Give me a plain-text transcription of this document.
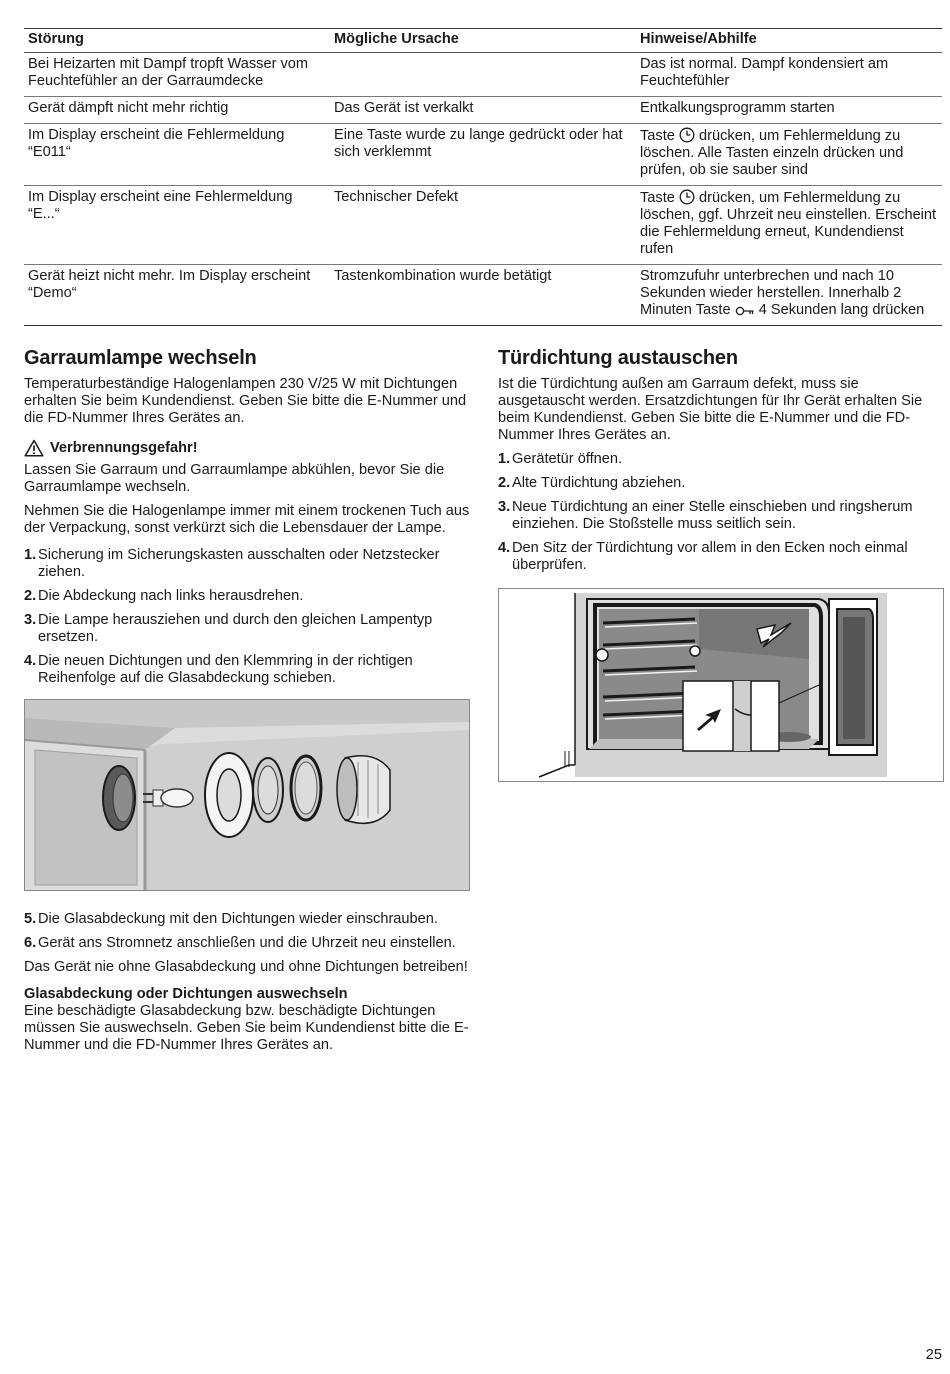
Störung	Mögliche Ursache	Hinweise/Abhilfe
Bei Heizarten mit Dampf tropft Wasser vom Feuchtefühler an der Garraumdecke		Das ist normal. Dampf kondensiert am Feuchtefühler
Gerät dämpft nicht mehr richtig	Das Gerät ist verkalkt	Entkalkungsprogramm starten
Im Display erscheint die Fehlermeldung “E011“	Eine Taste wurde zu lange gedrückt oder hat sich verklemmt	Taste drücken, um Fehlermeldung zu löschen. Alle Tasten einzeln drücken und prüfen, ob sie sauber sind
Im Display erscheint eine Fehlermeldung “E...“	Technischer Defekt	Taste drücken, um Fehlermeldung zu löschen, ggf. Uhrzeit neu einstellen. Erscheint die Fehlermeldung erneut, Kundendienst rufen
Gerät heizt nicht mehr. Im Display erscheint “Demo“	Tastenkombination wurde betätigt	Stromzufuhr unterbrechen und nach 10 Sekunden wieder herstellen. Innerhalb 2 Minuten Taste 4 Sekunden lang drücken
Garraumlampe wechseln

Temperaturbeständige Halogenlampen 230 V/25 W mit Dichtungen erhalten Sie beim Kundendienst. Geben Sie bitte die E-Nummer und die FD-Nummer Ihres Gerätes an.

Verbrennungsgefahr!

Lassen Sie Garraum und Garraumlampe abkühlen, bevor Sie die Garraumlampe wechseln.

Nehmen Sie die Halogenlampe immer mit einem trockenen Tuch aus der Verpackung, sonst verkürzt sich die Lebensdauer der Lampe.

1. Sicherung im Sicherungskasten ausschalten oder Netzstecker ziehen.
2. Die Abdeckung nach links herausdrehen.
3. Die Lampe herausziehen und durch den gleichen Lampentyp ersetzen.
4. Die neuen Dichtungen und den Klemmring in der richtigen Reihenfolge auf die Glasabdeckung schieben.
5. Die Glasabdeckung mit den Dichtungen wieder einschrauben.
6. Gerät ans Stromnetz anschließen und die Uhrzeit neu einstellen.

Das Gerät nie ohne Glasabdeckung und ohne Dichtungen betreiben!

Glasabdeckung oder Dichtungen auswechseln

Eine beschädigte Glasabdeckung bzw. beschädigte Dichtungen müssen Sie auswechseln. Geben Sie beim Kundendienst bitte die E-Nummer und die FD-Nummer Ihres Gerätes an.

Türdichtung austauschen

Ist die Türdichtung außen am Garraum defekt, muss sie ausgetauscht werden. Ersatzdichtungen für Ihr Gerät erhalten Sie beim Kundendienst. Geben Sie bitte die E-Nummer und die FD-Nummer Ihres Gerätes an.

1. Gerätetür öffnen.
2. Alte Türdichtung abziehen.
3. Neue Türdichtung an einer Stelle einschieben und ringsherum einziehen. Die Stoßstelle muss seitlich sein.
4. Den Sitz der Türdichtung vor allem in den Ecken noch einmal überprüfen.
25
